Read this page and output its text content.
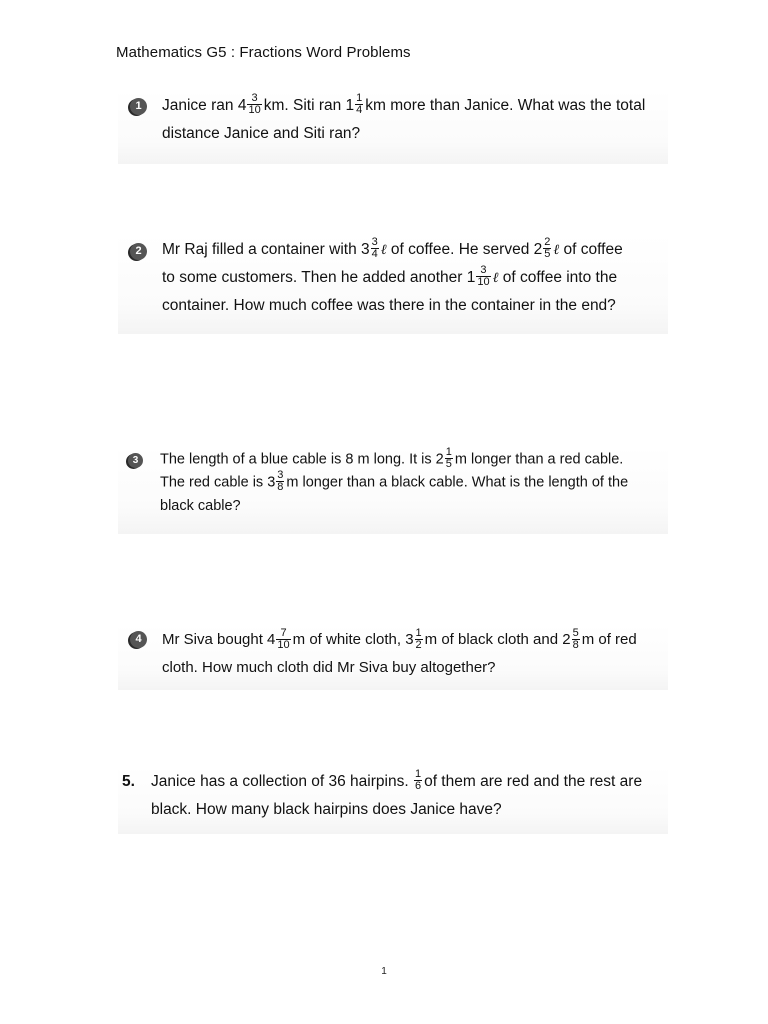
Mathematics G5 : Fractions Word Problems
1	Janice ran $4 \frac{3}{10}$ km. Siti ran $1 \frac{1}{4}$ km more than Janice. What was the total
distance Janice and Siti ran?
2	Mr Raj filled a container with $3 \frac{3}{4}$ ℓ of coffee. He served $2 \frac{2}{5}$ ℓ of coffee
to some customers. Then he added another $1 \frac{3}{10}$ ℓ of coffee into the
container. How much coffee was there in the container in the end?
3	The length of a blue cable is 8 m long. It is $2 \frac{1}{5}$ m longer than a red cable.
The red cable is $3 \frac{3}{8}$ m longer than a black cable. What is the length of the
black cable?
4	Mr Siva bought $4 \frac{7}{10}$ m of white cloth, $3 \frac{1}{2}$ m of black cloth and $2 \frac{5}{8}$ m of red
cloth. How much cloth did Mr Siva buy altogether?
5.	Janice has a collection of 36 hairpins. $\frac{1}{6}$ of them are red and the rest are
black. How many black hairpins does Janice have?
1
